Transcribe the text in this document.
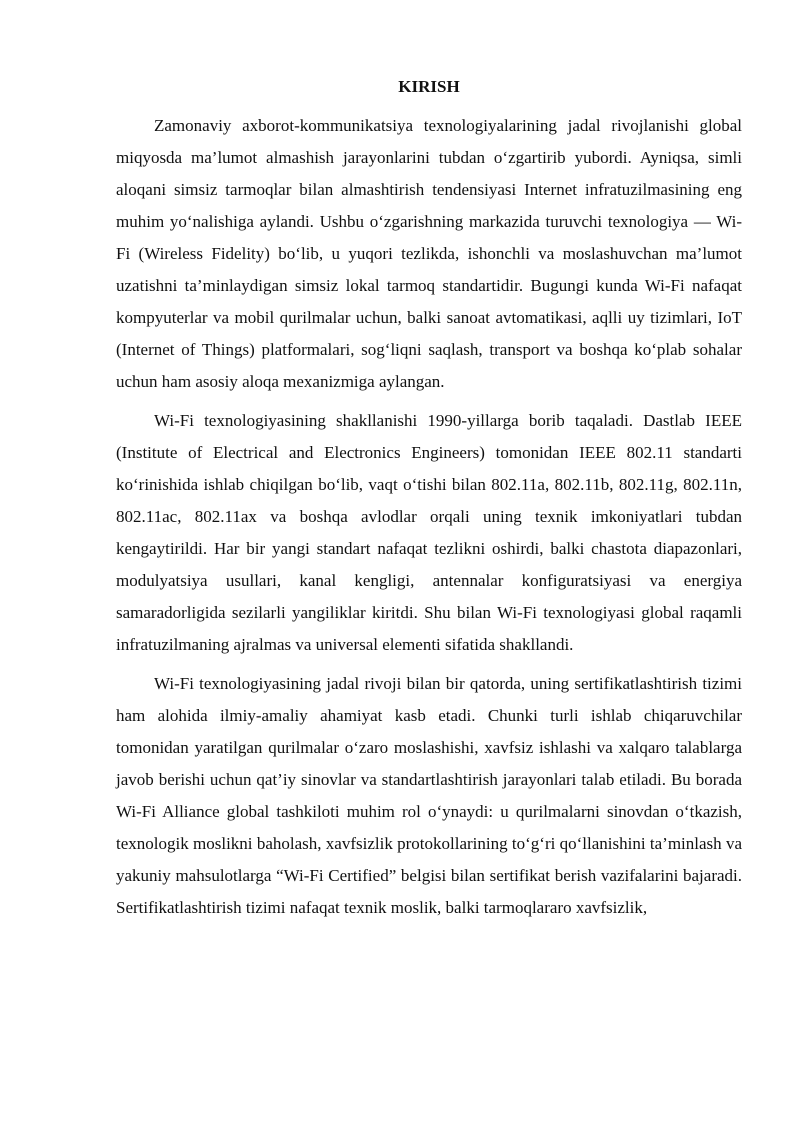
KIRISH

Zamonaviy axborot-kommunikatsiya texnologiyalarining jadal rivojlanishi global miqyosda ma’lumot almashish jarayonlarini tubdan o‘zgartirib yubordi. Ayniqsa, simli aloqani simsiz tarmoqlar bilan almashtirish tendensiyasi Internet infratuzilmasining eng muhim yo‘nalishiga aylandi. Ushbu o‘zgarishning markazida turuvchi texnologiya — Wi-Fi (Wireless Fidelity) bo‘lib, u yuqori tezlikda, ishonchli va moslashuvchan ma’lumot uzatishni ta’minlaydigan simsiz lokal tarmoq standartidir. Bugungi kunda Wi-Fi nafaqat kompyuterlar va mobil qurilmalar uchun, balki sanoat avtomatikasi, aqlli uy tizimlari, IoT (Internet of Things) platformalari, sog‘liqni saqlash, transport va boshqa ko‘plab sohalar uchun ham asosiy aloqa mexanizmiga aylangan.

Wi-Fi texnologiyasining shakllanishi 1990-yillarga borib taqaladi. Dastlab IEEE (Institute of Electrical and Electronics Engineers) tomonidan IEEE 802.11 standarti ko‘rinishida ishlab chiqilgan bo‘lib, vaqt o‘tishi bilan 802.11a, 802.11b, 802.11g, 802.11n, 802.11ac, 802.11ax va boshqa avlodlar orqali uning texnik imkoniyatlari tubdan kengaytirildi. Har bir yangi standart nafaqat tezlikni oshirdi, balki chastota diapazonlari, modulyatsiya usullari, kanal kengligi, antennalar konfiguratsiyasi va energiya samaradorligida sezilarli yangiliklar kiritdi. Shu bilan Wi-Fi texnologiyasi global raqamli infratuzilmaning ajralmas va universal elementi sifatida shakllandi.

Wi-Fi texnologiyasining jadal rivoji bilan bir qatorda, uning sertifikatlashtirish tizimi ham alohida ilmiy-amaliy ahamiyat kasb etadi. Chunki turli ishlab chiqaruvchilar tomonidan yaratilgan qurilmalar o‘zaro moslashishi, xavfsiz ishlashi va xalqaro talablarga javob berishi uchun qat’iy sinovlar va standartlashtirish jarayonlari talab etiladi. Bu borada Wi-Fi Alliance global tashkiloti muhim rol o‘ynaydi: u qurilmalarni sinovdan o‘tkazish, texnologik moslikni baholash, xavfsizlik protokollarining to‘g‘ri qo‘llanishini ta’minlash va yakuniy mahsulotlarga “Wi-Fi Certified” belgisi bilan sertifikat berish vazifalarini bajaradi. Sertifikatlashtirish tizimi nafaqat texnik moslik, balki tarmoqlararo xavfsizlik,
